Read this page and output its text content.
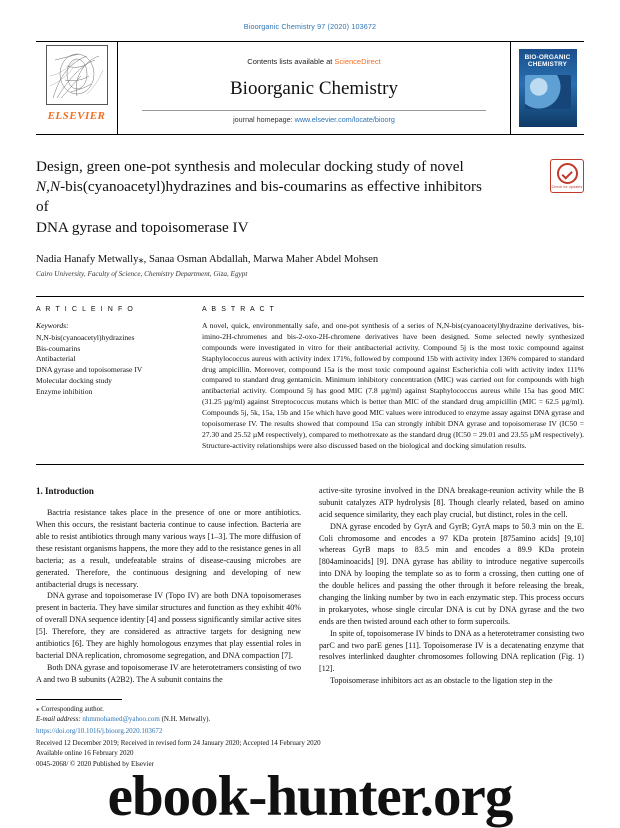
Bioorganic Chemistry 97 (2020) 103672
ELSEVIER
Contents lists available at ScienceDirect
Bioorganic Chemistry
journal homepage: www.elsevier.com/locate/bioorg
BIO-ORGANIC CHEMISTRY
Design, green one-pot synthesis and molecular docking study of novel
N,N-bis(cyanoacetyl)hydrazines and bis-coumarins as effective inhibitors of
DNA gyrase and topoisomerase IV
Check for updates
Nadia Hanafy Metwally⁎, Sanaa Osman Abdallah, Marwa Maher Abdel Mohsen
Cairo University, Faculty of Science, Chemistry Department, Giza, Egypt
A R T I C L E I N F O
Keywords:
N,N-bis(cyanoacetyl)hydrazines
Bis-coumarins
Antibacterial
DNA gyrase and topoisomerase IV
Molecular docking study
Enzyme inhibition
A B S T R A C T
A novel, quick, environmentally safe, and one-pot synthesis of a series of N,N-bis(cyanoacetyl)hydrazine derivatives, bis-imino-2H-chromenes and bis-2-oxo-2H-chromene derivatives have been designed. Some selected newly synthesized compounds were investigated in vitro for their antibacterial activity. Compound 5j is the most toxic compound against Staphylococcus aureus with activity index 171%, followed by compound 15b with activity index 136% compared to standard drug ampicillin. Moreover, compound 15a is the most toxic compound against Escherichia coli with activity index 111% compared to standard drug gentamicin. Minimum inhibitory concentration (MIC) was carried out for compounds with high antibacterial activity. Compound 5j has good MIC (7.8 µg/ml) against Staphylococcus aureus while 15a has good MIC (31.25 µg/ml) against Streptococcus mutans which is better than MIC of the standard drug ampicillin (MIC = 62.5 µg/ml). Compounds 5j, 5k, 15a, 15b and 15e which have good MIC values were introduced to enzyme assay against DNA gyrase and topoisomerase IV. The results showed that compound 15a can strongly inhibit DNA gyrase and topoisomerase IV (IC50 = 27.30 and 25.52 µM respectively), compared to methotrexate as the standard drug (IC50 = 29.01 and 23.55 µM respectively). Structure-activity relationships were also discussed based on the biological and docking simulation results.
1. Introduction

Bactria resistance takes place in the presence of one or more antibiotics. When this occurs, the resistant bacteria continue to cause infection. Bacteria are able to resist antibiotics through many various ways [1–3]. The more diffusion of these resistant organisms happens, the more they add to the resistance genes in all bacteria; as a result, undefeatable strains of disease-causing microbes are generated. Therefore, the continuous designing and developing of new antibacterial drugs is necessary.

DNA gyrase and topoisomerase IV (Topo IV) are both DNA topoisomerases present in bacteria. They have similar structures and function as they exhibit 40% of overall DNA sequence identity [4] and possess significantly similar active sites [5]. Therefore, they are considered as attractive targets for designing new antibiotics [6]. They are highly homologous enzymes that play essential roles in bacterial DNA replication, chromosome segregation, and DNA compaction [7].

Both DNA gyrase and topoisomerase IV are heterotetramers consisting of two A and two B subunits (A2B2). The A subunit contains the

active-site tyrosine involved in the DNA breakage-reunion activity while the B subunit catalyzes ATP hydrolysis [8]. Though clearly related, based on amino acid sequence similarity, they each play crucial, but distinct, roles in the cell.

DNA gyrase encoded by GyrA and GyrB; GyrA maps to 50.3 min on the E. Coli chromosome and encodes a 97 KDa protein [875amino acids] [9,10] whereas GyrB maps to 83.5 min and encodes a 89.9 KDa protein [804aminoacids] [9]. DNA gyrase has ability to introduce negative supercoils into DNA by looping the template so as to form a crossing, then cutting one of the double helices and passing the other through it before releasing the break, changing the linking number by two in each enzymatic step. This process occurs in prokaryotes, whose single circular DNA is cut by DNA gyrase and the two ends are then twisted around each other to form supercoils.

In spite of, topoisomerase IV binds to DNA as a heterotetramer consisting two parC and two parE genes [11]. Topoisomerase IV is a decatenating enzyme that resolves interlinked daughter chromosomes following DNA replication (Fig. 1) [12].

Topoisomerase inhibitors act as an obstacle to the ligation step in the

⁎ Corresponding author.
E-mail address: nhmmohamed@yahoo.com (N.H. Metwally).
https://doi.org/10.1016/j.bioorg.2020.103672
Received 12 December 2019; Received in revised form 24 January 2020; Accepted 14 February 2020
Available online 16 February 2020
0045-2068/ © 2020 Published by Elsevier
ebook-hunter.org
